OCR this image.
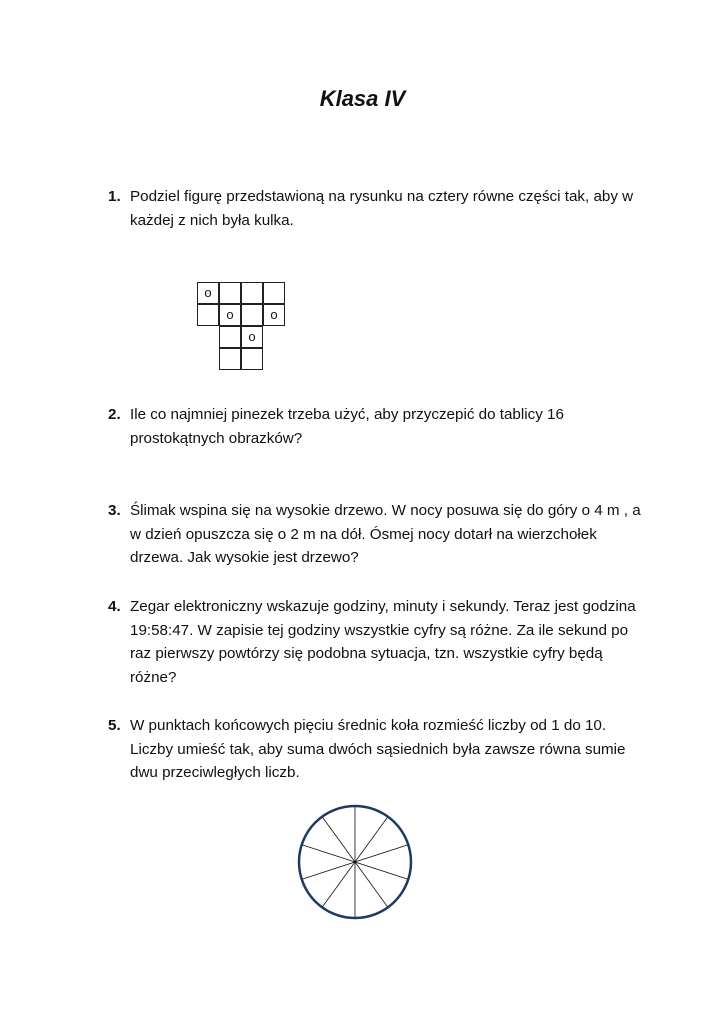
Klasa IV
1. Podziel figurę przedstawioną na rysunku na cztery równe części tak, aby w każdej z nich była kulka.
o
o	o
o
2. Ile co najmniej pinezek trzeba użyć, aby przyczepić do tablicy 16 prostokątnych obrazków?
3. Ślimak wspina się na wysokie drzewo. W nocy posuwa się do góry o 4 m , a w dzień opuszcza się o 2 m na dół. Ósmej nocy dotarł na wierzchołek drzewa. Jak wysokie jest drzewo?
4. Zegar elektroniczny wskazuje godziny, minuty i sekundy. Teraz jest godzina 19:58:47. W zapisie tej godziny wszystkie cyfry są różne. Za ile sekund po raz pierwszy powtórzy się podobna sytuacja, tzn. wszystkie cyfry będą różne?
5. W punktach końcowych pięciu średnic koła rozmieść liczby od 1 do 10. Liczby umieść tak, aby suma dwóch sąsiednich była zawsze równa sumie dwu przeciwległych liczb.
